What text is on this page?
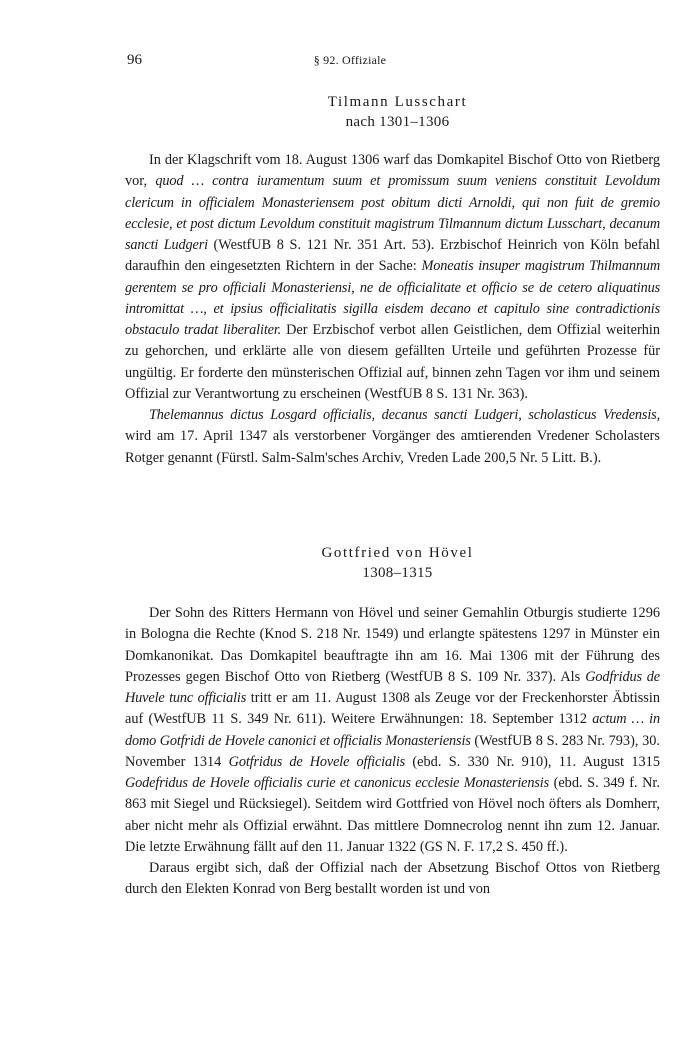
96	§ 92. Offiziale
Tilmann Lusschart
nach 1301–1306

In der Klagschrift vom 18. August 1306 warf das Domkapitel Bischof Otto von Rietberg vor, quod … contra iuramentum suum et promissum suum veniens constituit Levoldum clericum in officialem Monasteriensem post obitum dicti Arnoldi, qui non fuit de gremio ecclesie, et post dictum Levoldum constituit magistrum Tilmannum dictum Lusschart, decanum sancti Ludgeri (WestfUB 8 S. 121 Nr. 351 Art. 53). Erzbischof Heinrich von Köln befahl daraufhin den eingesetzten Richtern in der Sache: Moneatis insuper magistrum Thilmannum gerentem se pro officiali Monasteriensi, ne de officialitate et officio se de cetero aliquatinus intromittat …, et ipsius officialitatis sigilla eisdem decano et capitulo sine contradictionis obstaculo tradat liberaliter. Der Erzbischof verbot allen Geistlichen, dem Offizial weiterhin zu gehorchen, und erklärte alle von diesem gefällten Urteile und geführten Prozesse für ungültig. Er forderte den münsterischen Offizial auf, binnen zehn Tagen vor ihm und seinem Offizial zur Verantwortung zu erscheinen (WestfUB 8 S. 131 Nr. 363).

Thelemannus dictus Losgard officialis, decanus sancti Ludgeri, scholasticus Vredensis, wird am 17. April 1347 als verstorbener Vorgänger des amtierenden Vredener Scholasters Rotger genannt (Fürstl. Salm-Salm'sches Archiv, Vreden Lade 200,5 Nr. 5 Litt. B.).

Gottfried von Hövel
1308–1315

Der Sohn des Ritters Hermann von Hövel und seiner Gemahlin Otburgis studierte 1296 in Bologna die Rechte (Knod S. 218 Nr. 1549) und erlangte spätestens 1297 in Münster ein Domkanonikat. Das Domkapitel beauftragte ihn am 16. Mai 1306 mit der Führung des Prozesses gegen Bischof Otto von Rietberg (WestfUB 8 S. 109 Nr. 337). Als Godfridus de Huvele tunc officialis tritt er am 11. August 1308 als Zeuge vor der Freckenhorster Äbtissin auf (WestfUB 11 S. 349 Nr. 611). Weitere Erwähnungen: 18. September 1312 actum … in domo Gotfridi de Hovele canonici et officialis Monasteriensis (WestfUB 8 S. 283 Nr. 793), 30. November 1314 Gotfridus de Hovele officialis (ebd. S. 330 Nr. 910), 11. August 1315 Godefridus de Hovele officialis curie et canonicus ecclesie Monasteriensis (ebd. S. 349 f. Nr. 863 mit Siegel und Rücksiegel). Seitdem wird Gottfried von Hövel noch öfters als Domherr, aber nicht mehr als Offizial erwähnt. Das mittlere Domnecrolog nennt ihn zum 12. Januar. Die letzte Erwähnung fällt auf den 11. Januar 1322 (GS N. F. 17,2 S. 450 ff.).

Daraus ergibt sich, daß der Offizial nach der Absetzung Bischof Ottos von Rietberg durch den Elekten Konrad von Berg bestallt worden ist und von
